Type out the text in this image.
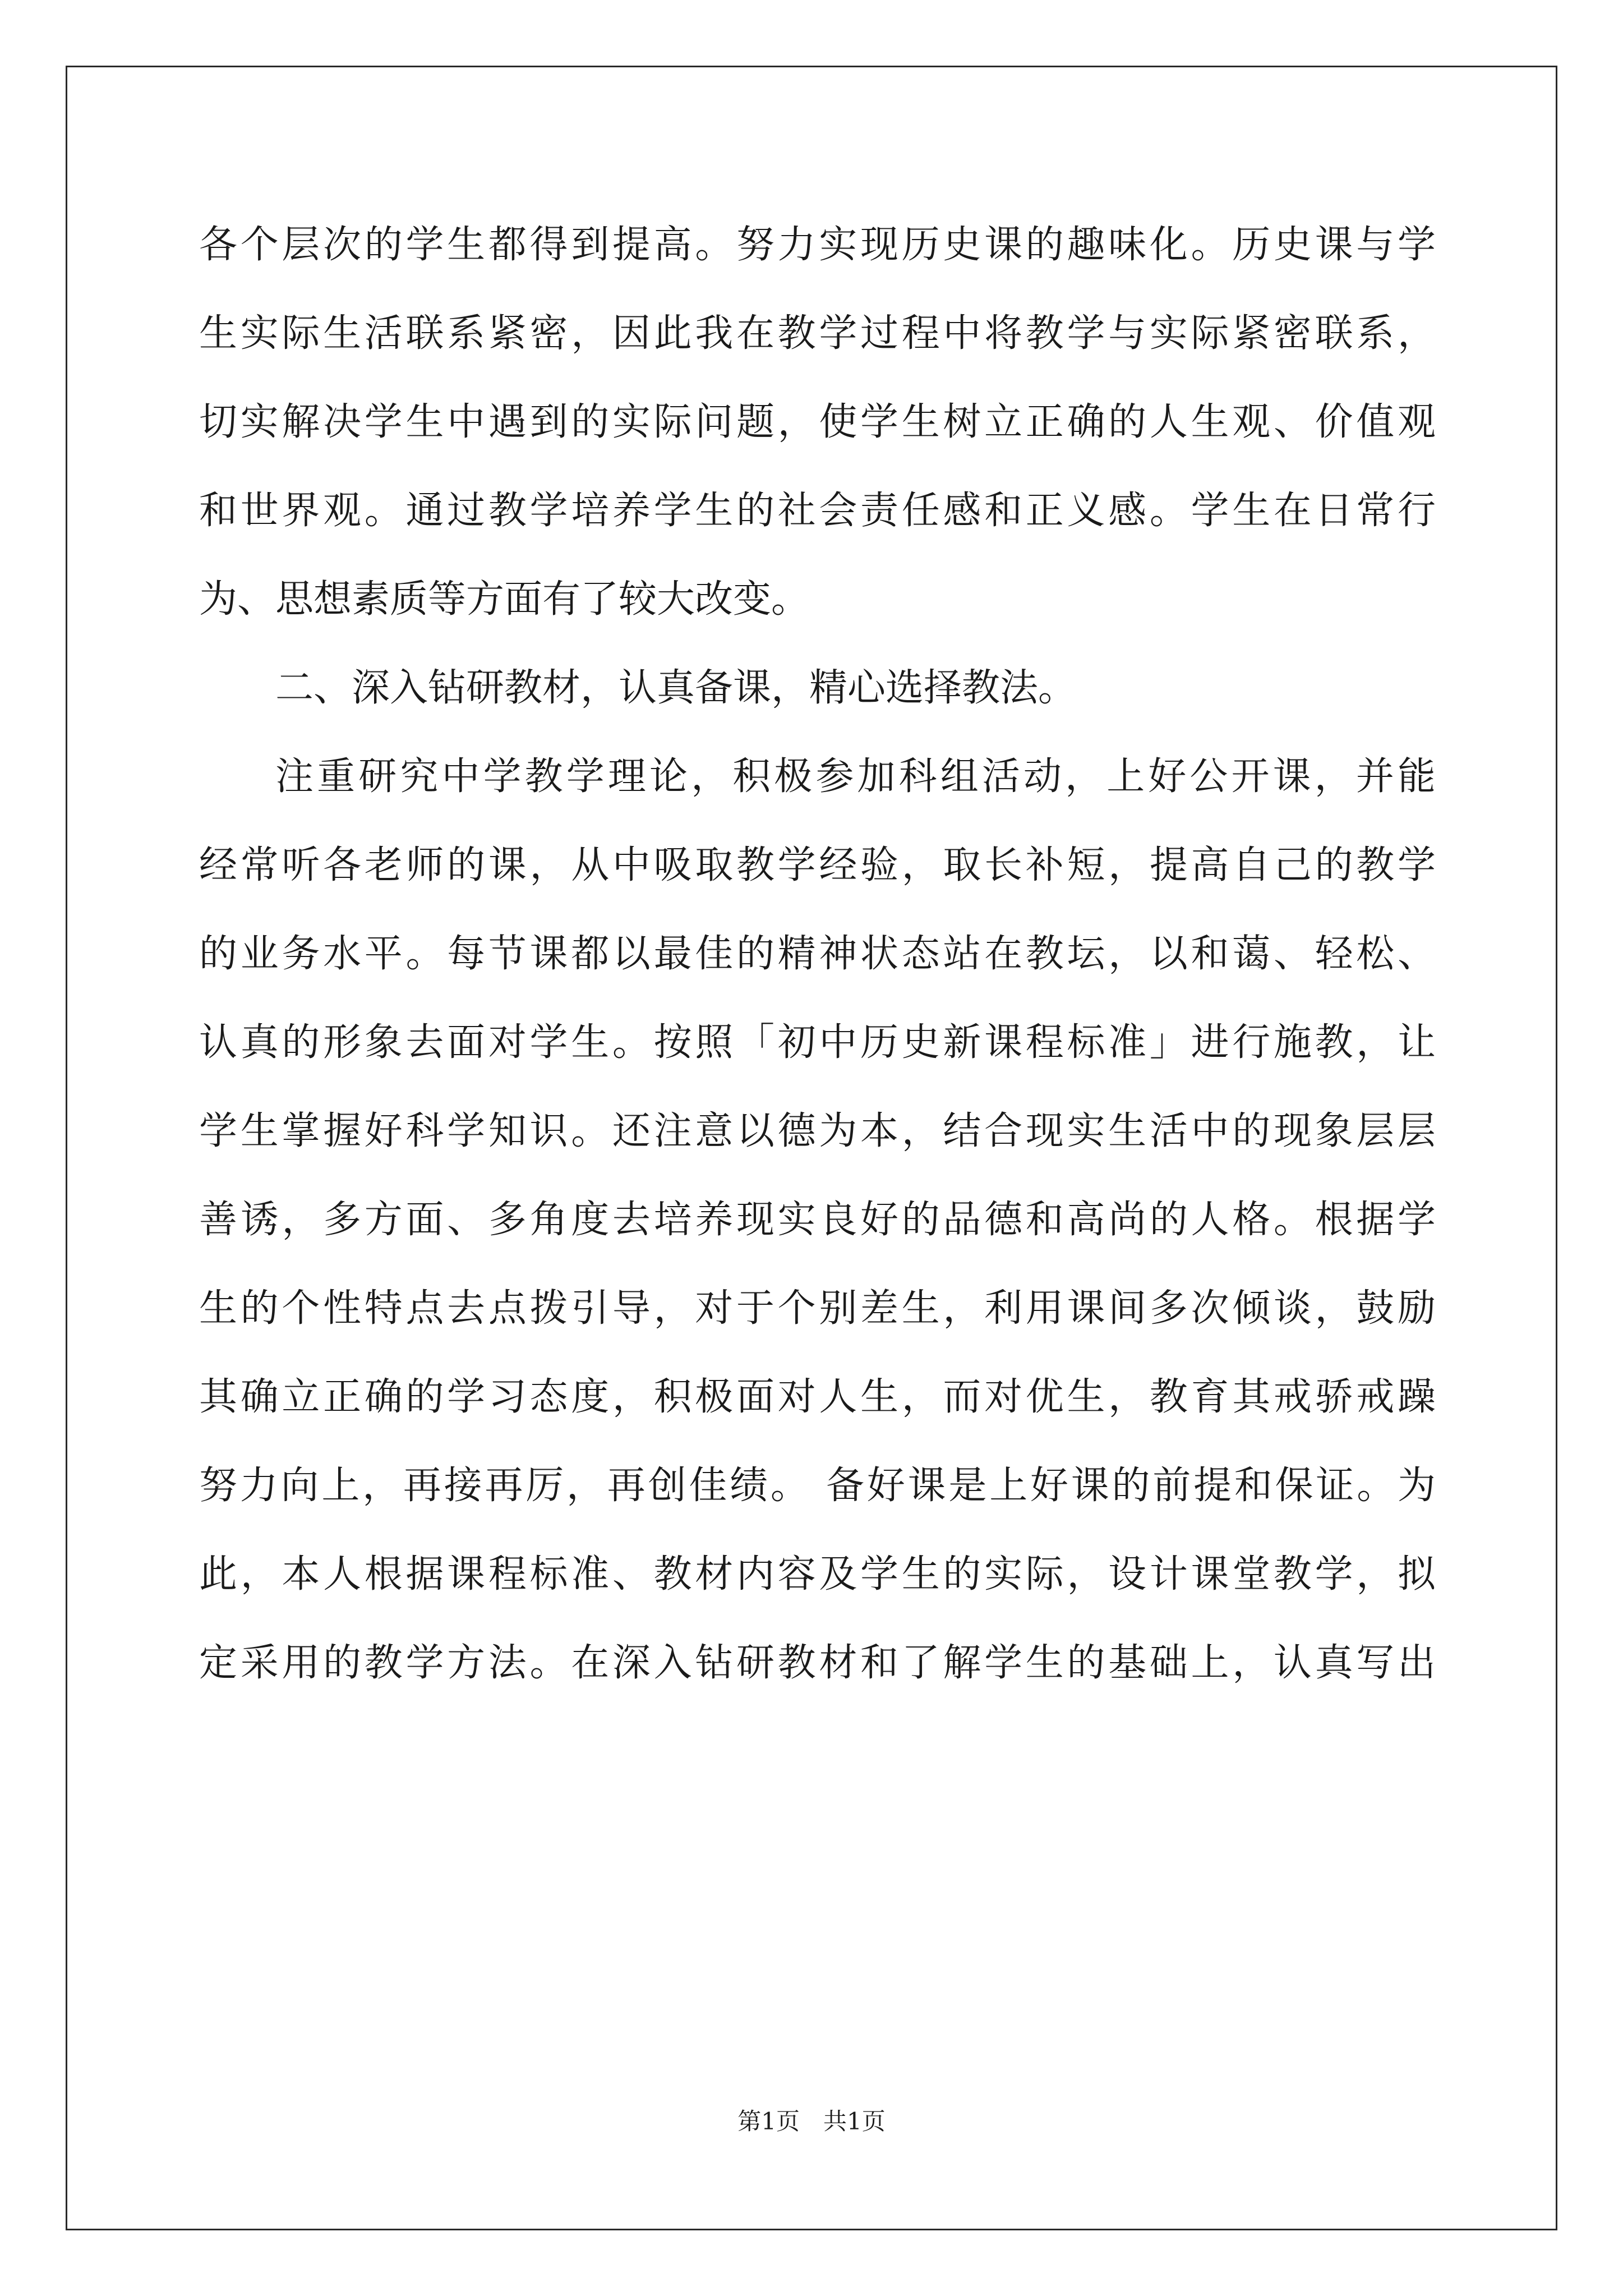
各个层次的学生都得到提高。努力实现历史课的趣味化。历史课与学
生实际生活联系紧密，因此我在教学过程中将教学与实际紧密联系，
切实解决学生中遇到的实际问题，使学生树立正确的人生观、价值观
和世界观。通过教学培养学生的社会责任感和正义感。学生在日常行
为、思想素质等方面有了较大改变。
二、深入钻研教材，认真备课，精心选择教法。
注重研究中学教学理论，积极参加科组活动，上好公开课，并能
经常听各老师的课，从中吸取教学经验，取长补短，提高自己的教学
的业务水平。每节课都以最佳的精神状态站在教坛，以和蔼、轻松、
认真的形象去面对学生。按照「初中历史新课程标准」进行施教，让
学生掌握好科学知识。还注意以德为本，结合现实生活中的现象层层
善诱，多方面、多角度去培养现实良好的品德和高尚的人格。根据学
生的个性特点去点拨引导，对于个别差生，利用课间多次倾谈，鼓励
其确立正确的学习态度，积极面对人生，而对优生，教育其戒骄戒躁
努力向上，再接再厉，再创佳绩。 备好课是上好课的前提和保证。为
此，本人根据课程标准、教材内容及学生的实际，设计课堂教学，拟
定采用的教学方法。在深入钻研教材和了解学生的基础上，认真写出
第1页　共1页
